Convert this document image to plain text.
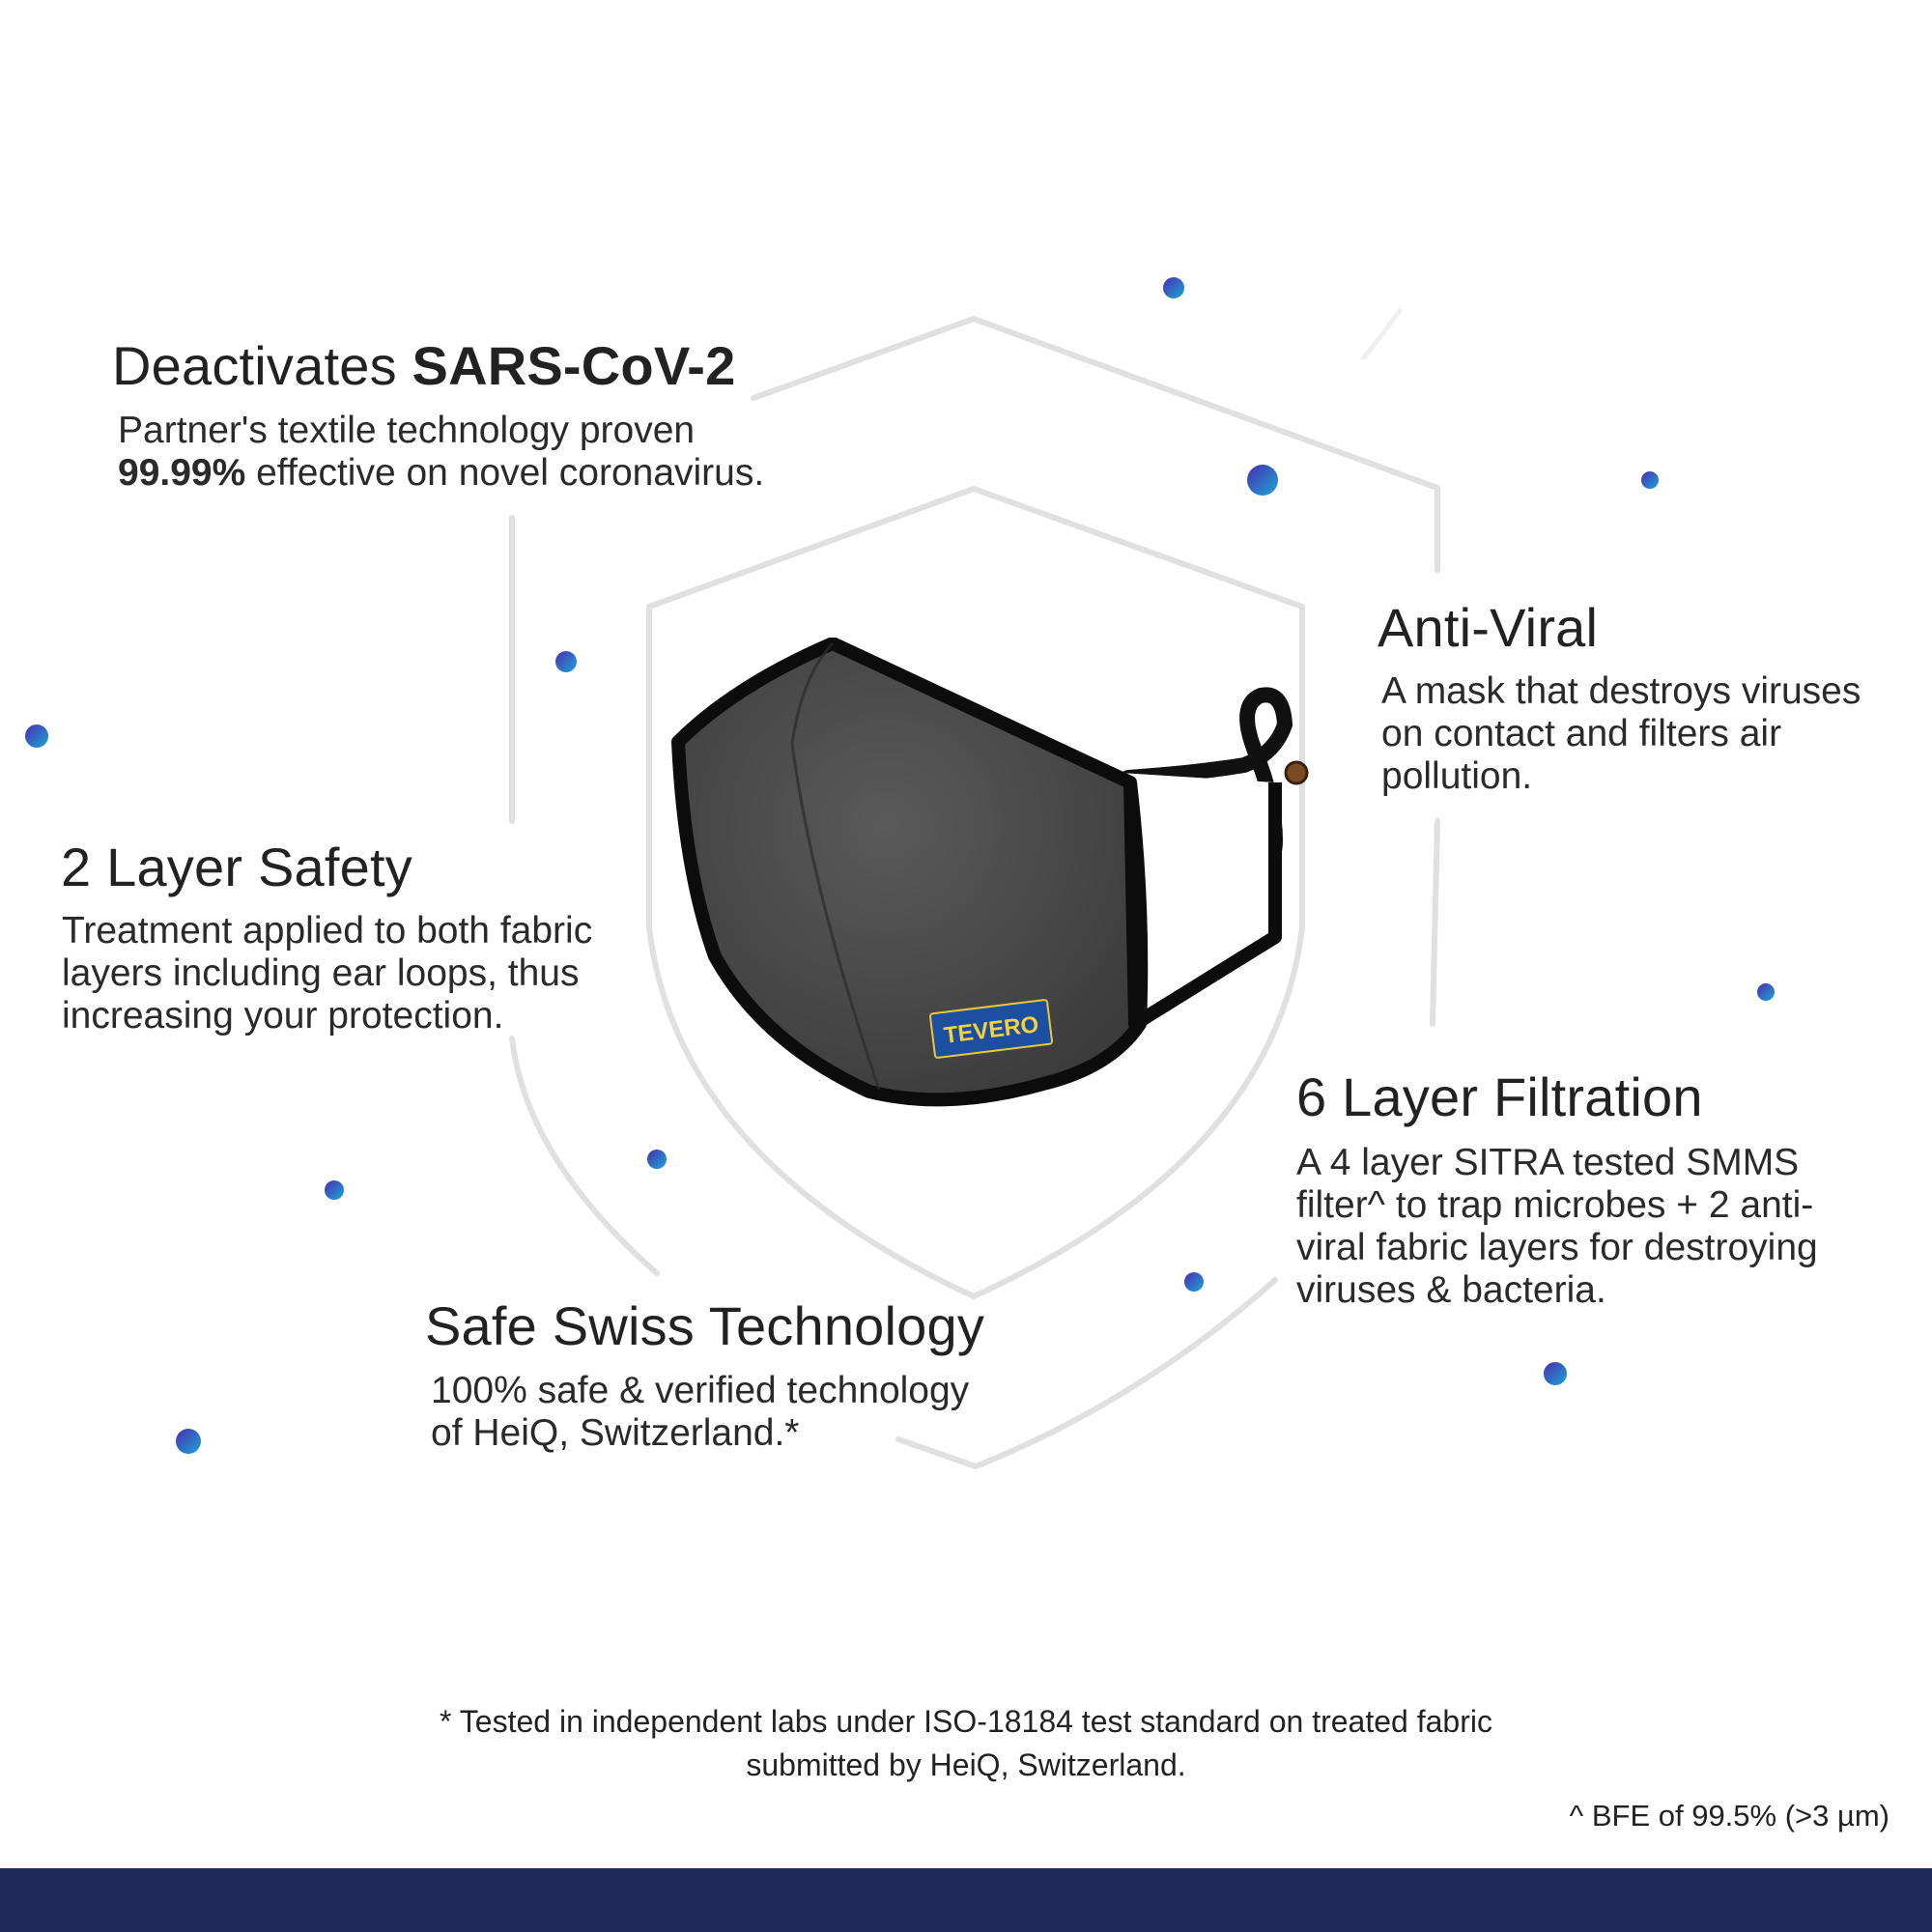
TEVERO
Deactivates SARS-CoV-2
Partner's textile technology proven
99.99% effective on novel coronavirus.
Anti-Viral
A mask that destroys viruses on contact and filters air pollution.
2 Layer Safety
Treatment applied to both fabric layers including ear loops, thus increasing your protection.
6 Layer Filtration
A 4 layer SITRA tested SMMS filter^ to trap microbes + 2 anti-viral fabric layers for destroying viruses & bacteria.
Safe Swiss Technology
100% safe & verified technology of HeiQ, Switzerland.*
* Tested in independent labs under ISO-18184 test standard on treated fabric submitted by HeiQ, Switzerland.
^ BFE of 99.5% (>3 µm)
